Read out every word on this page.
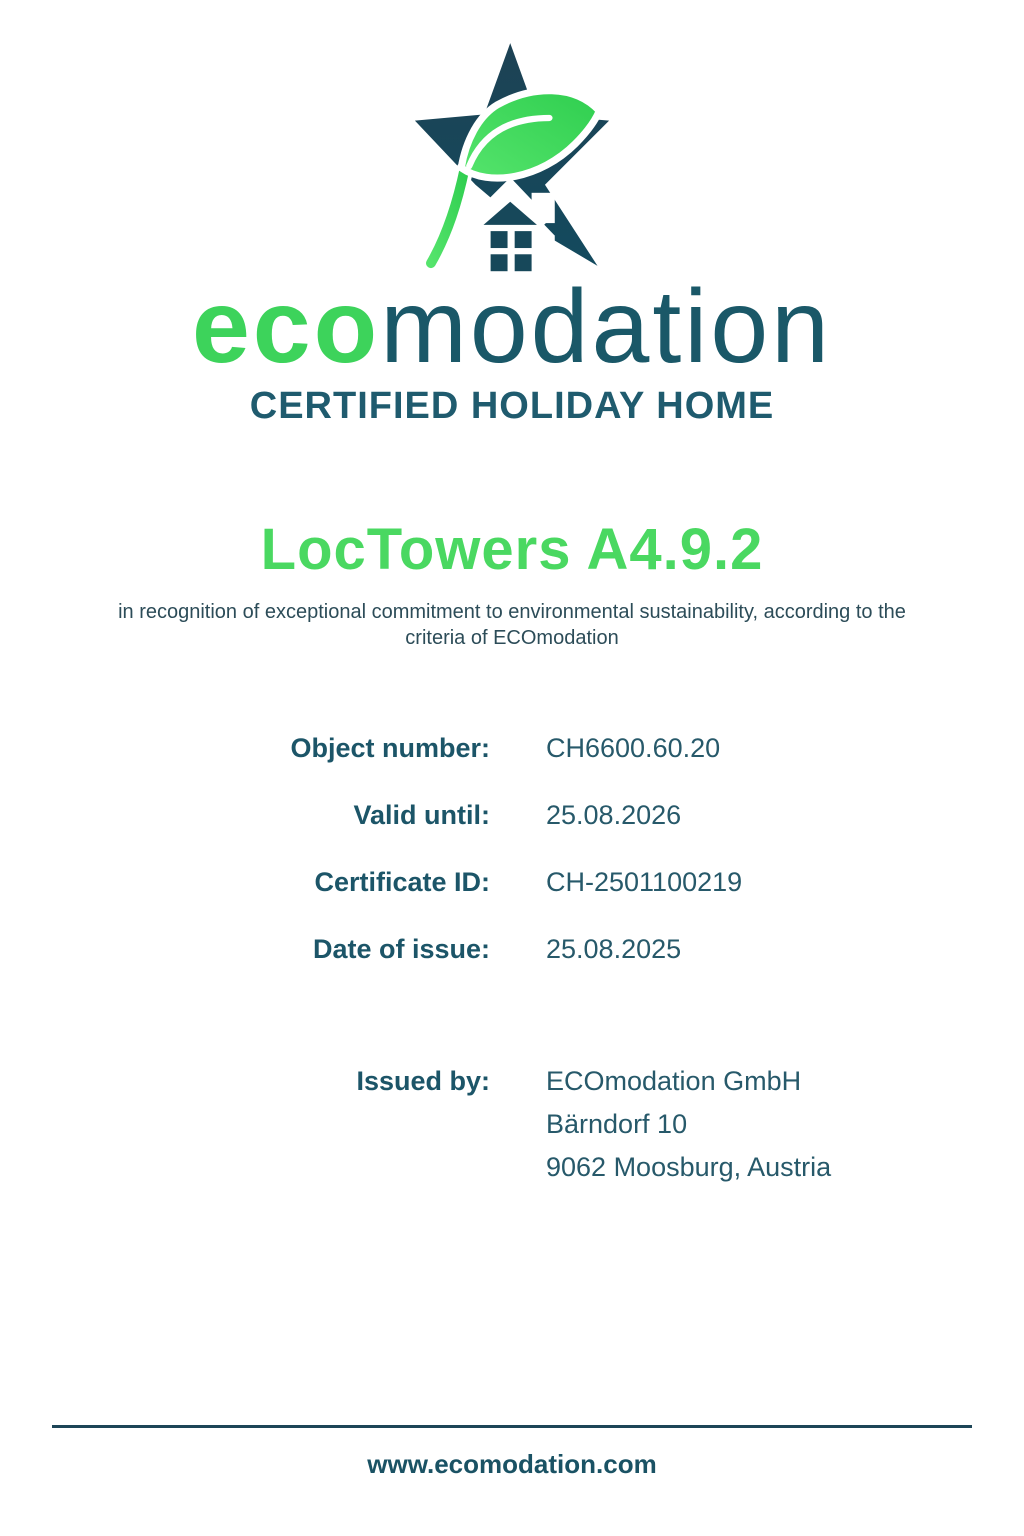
ecomodation
CERTIFIED HOLIDAY HOME
LocTowers A4.9.2

in recognition of exceptional commitment to environmental sustainability, according to the
criteria of ECOmodation

Object number:	CH6600.60.20
Valid until:	25.08.2026
Certificate ID:	CH-2501100219
Date of issue:	25.08.2025
Issued by: ECOmodation GmbH
Bärndorf 10
9062 Moosburg, Austria
www.ecomodation.com
